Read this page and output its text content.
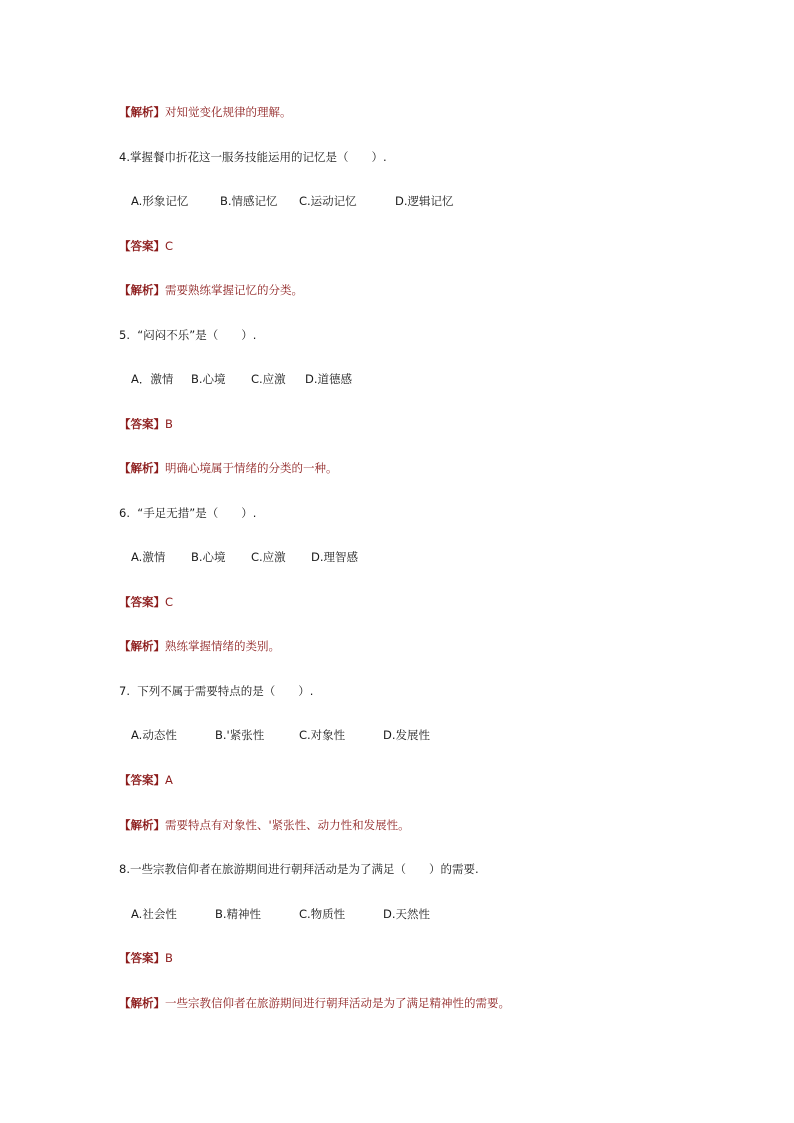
【解析】对知觉变化规律的理解。
4.掌握餐巾折花这一服务技能运用的记忆是（　　）.

A.形象记忆

	B.情感记忆

C.运动记忆

	D.逻辑记忆

【答案】C
【解析】需要熟练掌握记忆的分类。
5.  “闷闷不乐”是（　　）.

A．激情

B.心境

C.应激

D.道德感

【答案】B
【解析】明确心境属于情绪的分类的一种。
6.  “手足无措”是（　　）.

A.激情

B.心境

C.应激

D.理智感

【答案】C
【解析】熟练掌握情绪的类别。
7.  下列不属于需要特点的是（　　）.

A.动态性

	B.'紧张性

	C.对象性

	D.发展性

【答案】A
【解析】需要特点有对象性、'紧张性、动力性和发展性。
8.一些宗教信仰者在旅游期间进行朝拜活动是为了满足（　　）的需要.

A.社会性

	B.精神性

	C.物质性

	D.天然性

【答案】B
【解析】一些宗教信仰者在旅游期间进行朝拜活动是为了满足精神性的需要。
